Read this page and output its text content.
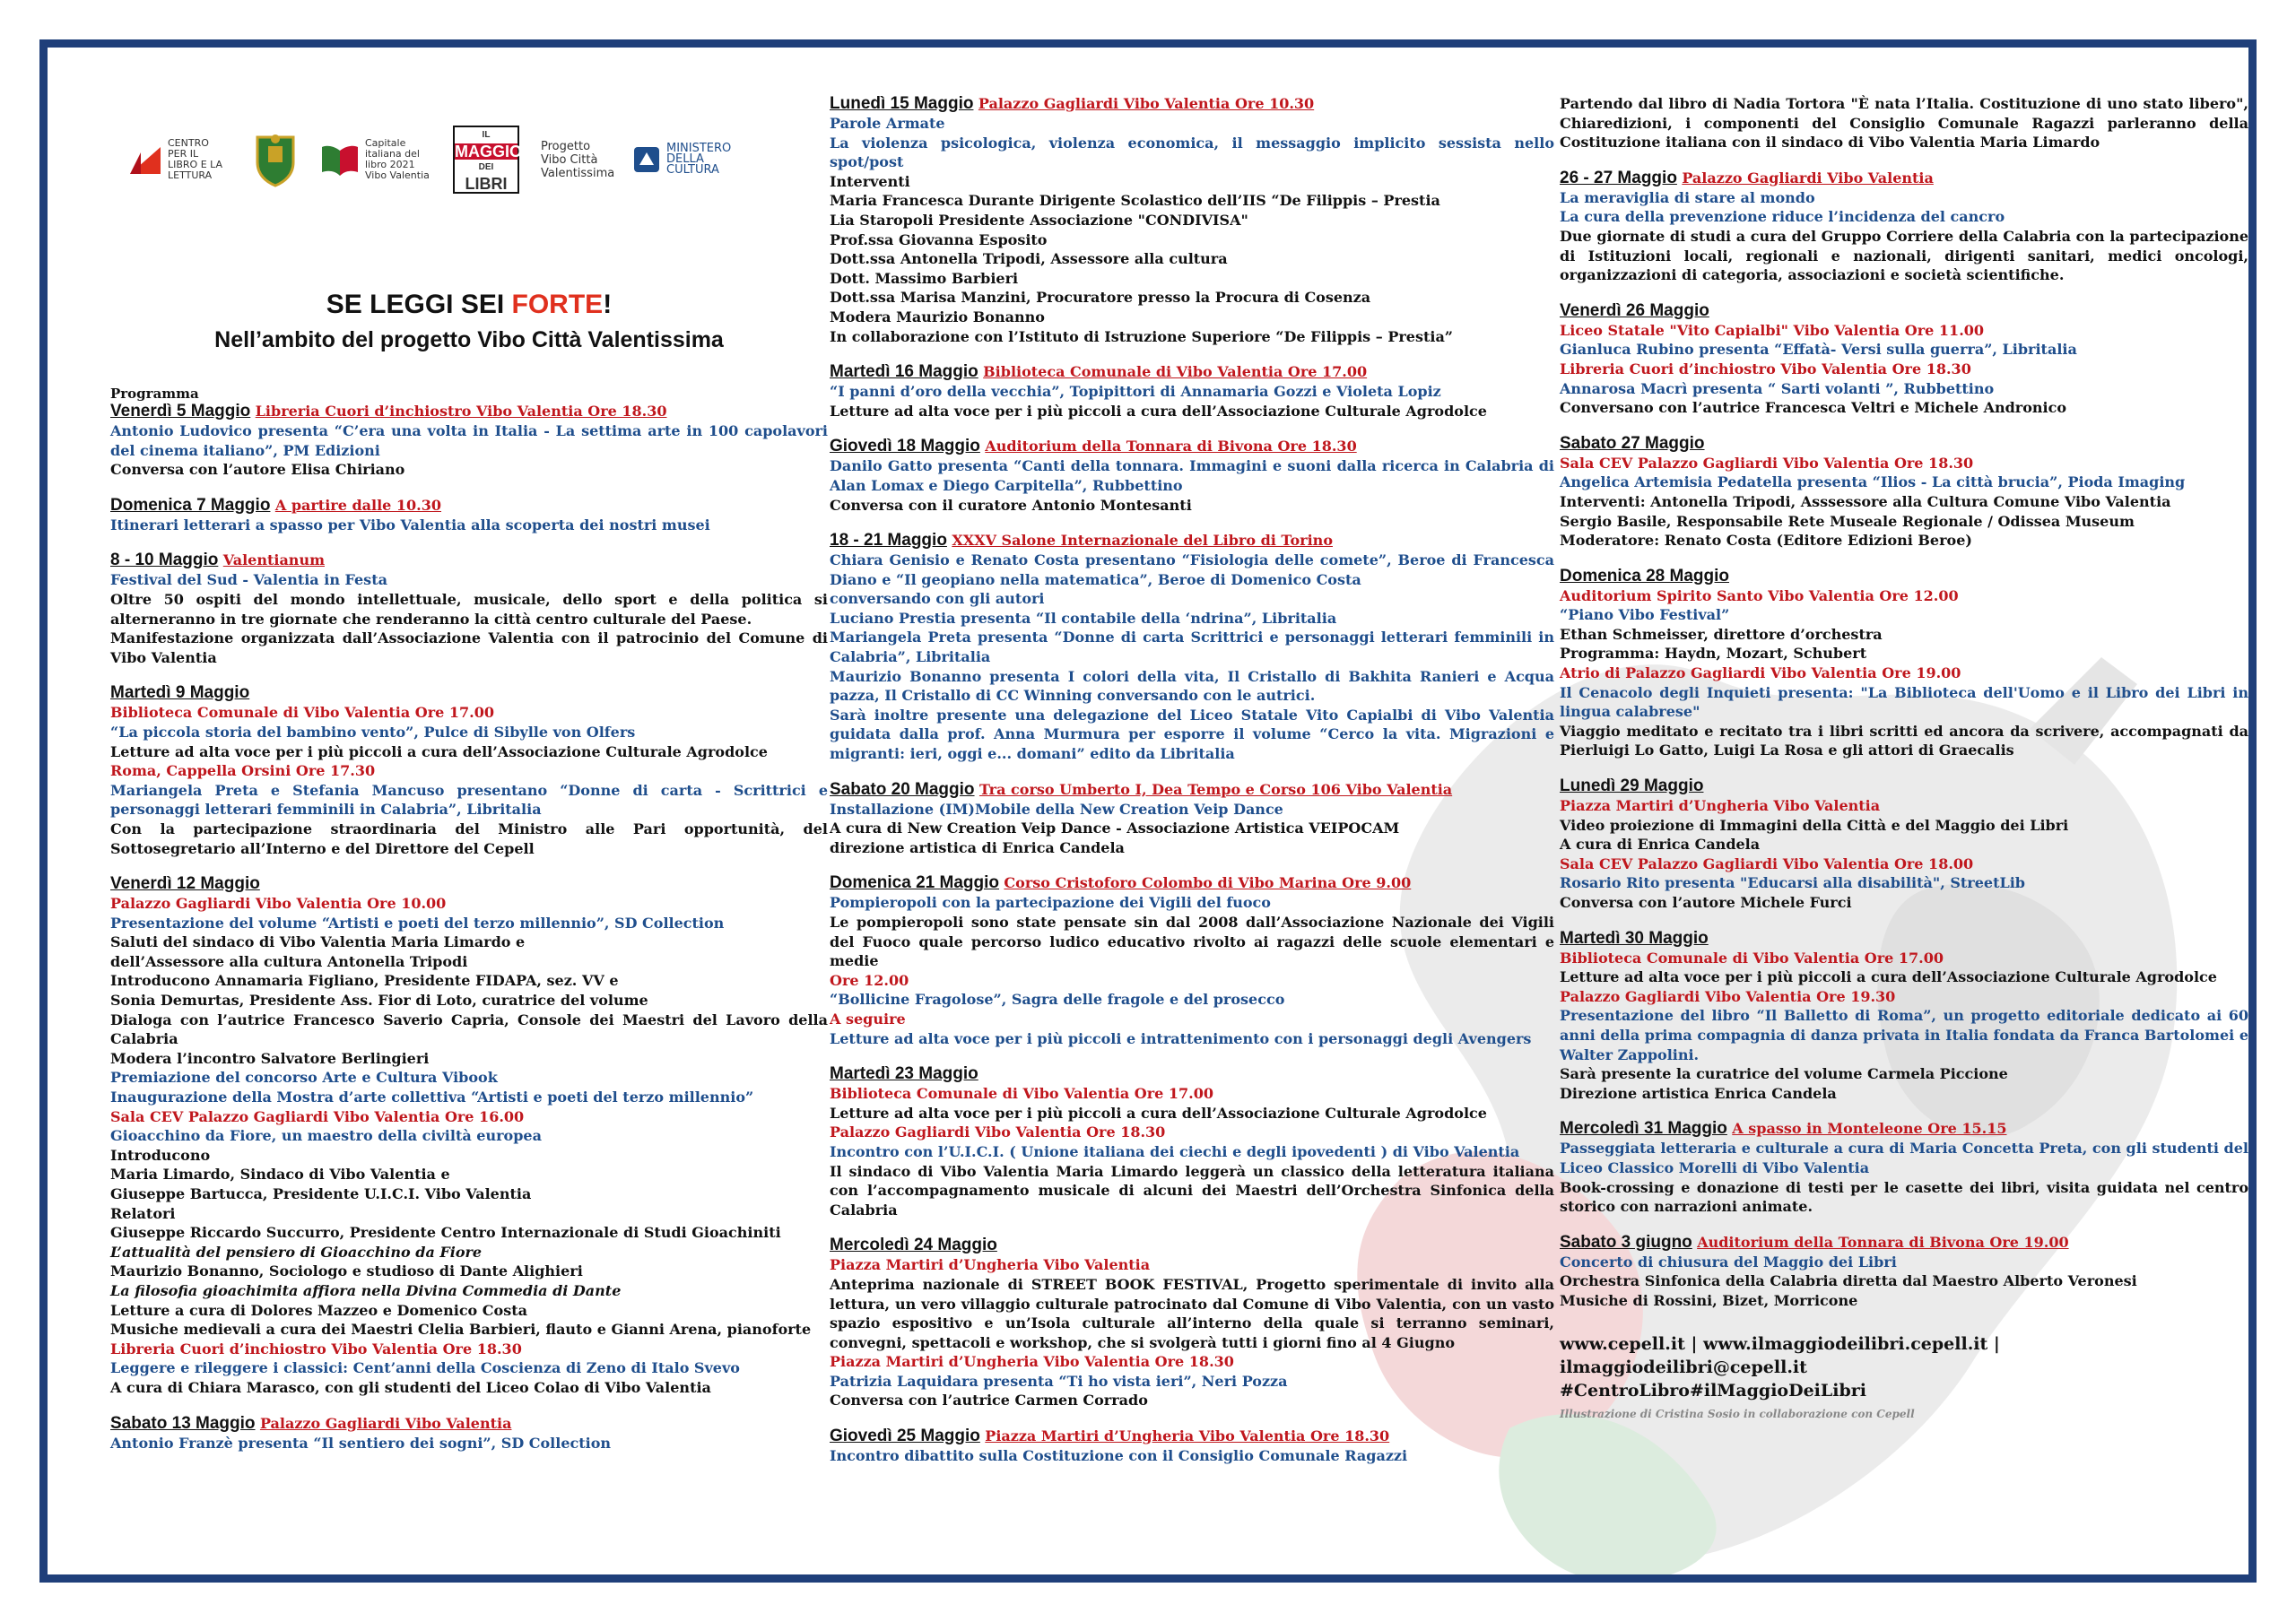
CENTRO PER IL LIBRO E LA LETTURA
Capitale italiana del libro 2021 Vibo Valentia
IL
MAGGIO
DEI
LIBRI
Progetto Vibo Città Valentissima
MINISTERO DELLA CULTURA
SE LEGGI SEI FORTE!
Nell’ambito del progetto Vibo Città Valentissima
Programma
Venerdì 5 Maggio Libreria Cuori d’inchiostro Vibo Valentia Ore 18.30
Antonio Ludovico presenta “C’era una volta in Italia - La settima arte in 100 capolavori del cinema italiano”, PM Edizioni
Conversa con l’autore Elisa Chiriano
Domenica 7 Maggio A partire dalle 10.30
Itinerari letterari a spasso per Vibo Valentia alla scoperta dei nostri musei
8 - 10 Maggio Valentianum
Festival del Sud - Valentia in Festa
Oltre 50 ospiti del mondo intellettuale, musicale, dello sport e della politica si alterneranno in tre giornate che renderanno la città centro culturale del Paese.
Manifestazione organizzata dall’Associazione Valentia con il patrocinio del Comune di Vibo Valentia
Martedì 9 Maggio
Biblioteca Comunale di Vibo Valentia Ore 17.00
“La piccola storia del bambino vento”, Pulce di Sibylle von Olfers
Letture ad alta voce per i più piccoli a cura dell’Associazione Culturale Agrodolce
Roma, Cappella Orsini Ore 17.30
Mariangela Preta e Stefania Mancuso presentano “Donne di carta - Scrittrici e personaggi letterari femminili in Calabria”, Libritalia
Con la partecipazione straordinaria del Ministro alle Pari opportunità, del Sottosegretario all’Interno e del Direttore del Cepell
Venerdì 12 Maggio
Palazzo Gagliardi Vibo Valentia Ore 10.00
Presentazione del volume “Artisti e poeti del terzo millennio”, SD Collection
Saluti del sindaco di Vibo Valentia Maria Limardo e
dell’Assessore alla cultura Antonella Tripodi
Introducono Annamaria Figliano, Presidente FIDAPA, sez. VV e
Sonia Demurtas, Presidente Ass. Fior di Loto, curatrice del volume
Dialoga con l’autrice Francesco Saverio Capria, Console dei Maestri del Lavoro della Calabria
Modera l’incontro Salvatore Berlingieri
Premiazione del concorso Arte e Cultura Vibook
Inaugurazione della Mostra d’arte collettiva “Artisti e poeti del terzo millennio”
Sala CEV Palazzo Gagliardi Vibo Valentia Ore 16.00
Gioacchino da Fiore, un maestro della civiltà europea
Introducono
Maria Limardo, Sindaco di Vibo Valentia e
Giuseppe Bartucca, Presidente U.I.C.I. Vibo Valentia
Relatori
Giuseppe Riccardo Succurro, Presidente Centro Internazionale di Studi Gioachiniti
L’attualità del pensiero di Gioacchino da Fiore
Maurizio Bonanno, Sociologo e studioso di Dante Alighieri
La filosofia gioachimita affiora nella Divina Commedia di Dante
Letture a cura di Dolores Mazzeo e Domenico Costa
Musiche medievali a cura dei Maestri Clelia Barbieri, flauto e Gianni Arena, pianoforte
Libreria Cuori d’inchiostro Vibo Valentia Ore 18.30
Leggere e rileggere i classici: Cent’anni della Coscienza di Zeno di Italo Svevo
A cura di Chiara Marasco, con gli studenti del Liceo Colao di Vibo Valentia
Sabato 13 Maggio Palazzo Gagliardi Vibo Valentia
Antonio Franzè presenta “Il sentiero dei sogni”, SD Collection
Lunedì 15 Maggio Palazzo Gagliardi Vibo Valentia Ore 10.30
Parole Armate
La violenza psicologica, violenza economica, il messaggio implicito sessista nello spot/post
Interventi
Maria Francesca Durante Dirigente Scolastico dell’IIS “De Filippis – Prestia
Lia Staropoli Presidente Associazione "CONDIVISA"
Prof.ssa Giovanna Esposito
Dott.ssa Antonella Tripodi, Assessore alla cultura
Dott. Massimo Barbieri
Dott.ssa Marisa Manzini, Procuratore presso la Procura di Cosenza
Modera Maurizio Bonanno
In collaborazione con l’Istituto di Istruzione Superiore “De Filippis – Prestia”
Martedì 16 Maggio Biblioteca Comunale di Vibo Valentia Ore 17.00
“I panni d’oro della vecchia”, Topipittori di Annamaria Gozzi e Violeta Lopiz
Letture ad alta voce per i più piccoli a cura dell’Associazione Culturale Agrodolce
Giovedì 18 Maggio Auditorium della Tonnara di Bivona Ore 18.30
Danilo Gatto presenta “Canti della tonnara. Immagini e suoni dalla ricerca in Calabria di Alan Lomax e Diego Carpitella”, Rubbettino
Conversa con il curatore Antonio Montesanti
18 - 21 Maggio XXXV Salone Internazionale del Libro di Torino
Chiara Genisio e Renato Costa presentano “Fisiologia delle comete”, Beroe di Francesca Diano e “Il geopiano nella matematica”, Beroe di Domenico Costa
conversando con gli autori
Luciano Prestia presenta “Il contabile della ‘ndrina”, Libritalia
Mariangela Preta presenta “Donne di carta Scrittrici e personaggi letterari femminili in Calabria”, Libritalia
Maurizio Bonanno presenta I colori della vita, Il Cristallo di Bakhita Ranieri e Acqua pazza, Il Cristallo di CC Winning conversando con le autrici.
Sarà inoltre presente una delegazione del Liceo Statale Vito Capialbi di Vibo Valentia guidata dalla prof. Anna Murmura per esporre il volume “Cerco la vita. Migrazioni e migranti: ieri, oggi e... domani” edito da Libritalia
Sabato 20 Maggio Tra corso Umberto I, Dea Tempo e Corso 106 Vibo Valentia
Installazione (IM)Mobile della New Creation Veip Dance
A cura di New Creation Veip Dance - Associazione Artistica VEIPOCAM
direzione artistica di Enrica Candela
Domenica 21 Maggio Corso Cristoforo Colombo di Vibo Marina Ore 9.00
Pompieropoli con la partecipazione dei Vigili del fuoco
Le pompieropoli sono state pensate sin dal 2008 dall’Associazione Nazionale dei Vigili del Fuoco quale percorso ludico educativo rivolto ai ragazzi delle scuole elementari e medie
Ore 12.00
“Bollicine Fragolose”, Sagra delle fragole e del prosecco
A seguire
Letture ad alta voce per i più piccoli e intrattenimento con i personaggi degli Avengers
Martedì 23 Maggio
Biblioteca Comunale di Vibo Valentia Ore 17.00
Letture ad alta voce per i più piccoli a cura dell’Associazione Culturale Agrodolce
Palazzo Gagliardi Vibo Valentia Ore 18.30
Incontro con l’U.I.C.I. ( Unione italiana dei ciechi e degli ipovedenti ) di Vibo Valentia
Il sindaco di Vibo Valentia Maria Limardo leggerà un classico della letteratura italiana con l’accompagnamento musicale di alcuni dei Maestri dell’Orchestra Sinfonica della Calabria
Mercoledì 24 Maggio
Piazza Martiri d’Ungheria Vibo Valentia
Anteprima nazionale di STREET BOOK FESTIVAL, Progetto sperimentale di invito alla lettura, un vero villaggio culturale patrocinato dal Comune di Vibo Valentia, con un vasto spazio espositivo e un’Isola culturale all’interno della quale si terranno seminari, convegni, spettacoli e workshop, che si svolgerà tutti i giorni fino al 4 Giugno
Piazza Martiri d’Ungheria Vibo Valentia Ore 18.30
Patrizia Laquidara presenta “Ti ho vista ieri”, Neri Pozza
Conversa con l’autrice Carmen Corrado
Giovedì 25 Maggio Piazza Martiri d’Ungheria Vibo Valentia Ore 18.30
Incontro dibattito sulla Costituzione con il Consiglio Comunale Ragazzi
Partendo dal libro di Nadia Tortora "È nata l’Italia. Costituzione di uno stato libero", Chiaredizioni, i componenti del Consiglio Comunale Ragazzi parleranno della Costituzione italiana con il sindaco di Vibo Valentia Maria Limardo
26 - 27 Maggio Palazzo Gagliardi Vibo Valentia
La meraviglia di stare al mondo
La cura della prevenzione riduce l’incidenza del cancro
Due giornate di studi a cura del Gruppo Corriere della Calabria con la partecipazione di Istituzioni locali, regionali e nazionali, dirigenti sanitari, medici oncologi, organizzazioni di categoria, associazioni e società scientifiche.
Venerdì 26 Maggio
Liceo Statale "Vito Capialbi" Vibo Valentia Ore 11.00
Gianluca Rubino presenta “Effatà- Versi sulla guerra”, Libritalia
Libreria Cuori d’inchiostro Vibo Valentia Ore 18.30
Annarosa Macrì presenta “ Sarti volanti ”, Rubbettino
Conversano con l’autrice Francesca Veltri e Michele Andronico
Sabato 27 Maggio
Sala CEV Palazzo Gagliardi Vibo Valentia Ore 18.30
Angelica Artemisia Pedatella presenta “Ilios - La città brucia”, Pioda Imaging
Interventi: Antonella Tripodi, Asssessore alla Cultura Comune Vibo Valentia
Sergio Basile, Responsabile Rete Museale Regionale / Odissea Museum
Moderatore: Renato Costa (Editore Edizioni Beroe)
Domenica 28 Maggio
Auditorium Spirito Santo Vibo Valentia Ore 12.00
“Piano Vibo Festival”
Ethan Schmeisser, direttore d’orchestra
Programma: Haydn, Mozart, Schubert
Atrio di Palazzo Gagliardi Vibo Valentia Ore 19.00
Il Cenacolo degli Inquieti presenta: "La Biblioteca dell'Uomo e il Libro dei Libri in lingua calabrese"
Viaggio meditato e recitato tra i libri scritti ed ancora da scrivere, accompagnati da Pierluigi Lo Gatto, Luigi La Rosa e gli attori di Graecalis
Lunedì 29 Maggio
Piazza Martiri d’Ungheria Vibo Valentia
Video proiezione di Immagini della Città e del Maggio dei Libri
A cura di Enrica Candela
Sala CEV Palazzo Gagliardi Vibo Valentia Ore 18.00
Rosario Rito presenta "Educarsi alla disabilità", StreetLib
Conversa con l’autore Michele Furci
Martedì 30 Maggio
Biblioteca Comunale di Vibo Valentia Ore 17.00
Letture ad alta voce per i più piccoli a cura dell’Associazione Culturale Agrodolce
Palazzo Gagliardi Vibo Valentia Ore 19.30
Presentazione del libro “Il Balletto di Roma”, un progetto editoriale dedicato ai 60 anni della prima compagnia di danza privata in Italia fondata da Franca Bartolomei e Walter Zappolini.
Sarà presente la curatrice del volume Carmela Piccione
Direzione artistica Enrica Candela
Mercoledì 31 Maggio A spasso in Monteleone Ore 15.15
Passeggiata letteraria e culturale a cura di Maria Concetta Preta, con gli studenti del Liceo Classico Morelli di Vibo Valentia
Book-crossing e donazione di testi per le casette dei libri, visita guidata nel centro storico con narrazioni animate.
Sabato 3 giugno Auditorium della Tonnara di Bivona Ore 19.00
Concerto di chiusura del Maggio dei Libri
Orchestra Sinfonica della Calabria diretta dal Maestro Alberto Veronesi
Musiche di Rossini, Bizet, Morricone
www.cepell.it | www.ilmaggiodeilibri.cepell.it | ilmaggiodeilibri@cepell.it
#CentroLibro#ilMaggioDeiLibri
Illustrazione di Cristina Sosio in collaborazione con Cepell
